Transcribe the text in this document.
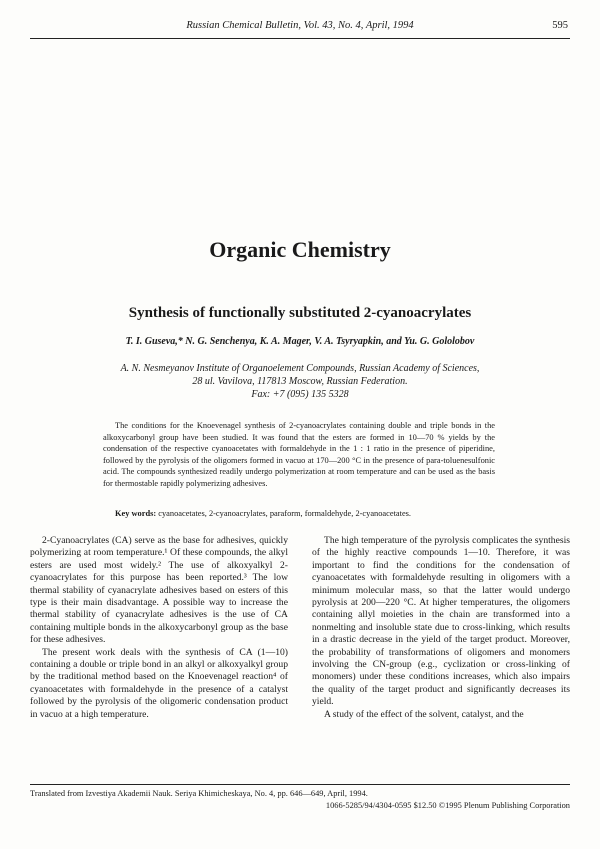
Russian Chemical Bulletin, Vol. 43, No. 4, April, 1994	595
Organic Chemistry
Synthesis of functionally substituted 2-cyanoacrylates
T. I. Guseva,* N. G. Senchenya, K. A. Mager, V. A. Tsyryapkin, and Yu. G. Gololobov
A. N. Nesmeyanov Institute of Organoelement Compounds, Russian Academy of Sciences,
28 ul. Vavilova, 117813 Moscow, Russian Federation.
Fax: +7 (095) 135 5328

The conditions for the Knoevenagel synthesis of 2-cyanoacrylates containing double and triple bonds in the alkoxycarbonyl group have been studied. It was found that the esters are formed in 10—70 % yields by the condensation of the respective cyanoacetates with formaldehyde in the 1 : 1 ratio in the presence of piperidine, followed by the pyrolysis of the oligomers formed in vacuo at 170—200 °C in the presence of para-toluenesulfonic acid. The compounds synthesized readily undergo polymerization at room temperature and can be used as the basis for thermostable rapidly polymerizing adhesives.

Key words: cyanoacetates, 2-cyanoacrylates, paraform, formaldehyde, 2-cyanoacetates.

2-Cyanoacrylates (CA) serve as the base for adhesives, quickly polymerizing at room temperature.¹ Of these compounds, the alkyl esters are used most widely.² The use of alkoxyalkyl 2-cyanoacrylates for this purpose has been reported.³ The low thermal stability of cyanacrylate adhesives based on esters of this type is their main disadvantage. A possible way to increase the thermal stability of cyanacrylate adhesives is the use of CA containing multiple bonds in the alkoxycarbonyl group as the base for these adhesives.

The present work deals with the synthesis of CA (1—10) containing a double or triple bond in an alkyl or alkoxyalkyl group by the traditional method based on the Knoevenagel reaction⁴ of cyanoacetates with formaldehyde in the presence of a catalyst followed by the pyrolysis of the oligomeric condensation product in vacuo at a high temperature.

The high temperature of the pyrolysis complicates the synthesis of the highly reactive compounds 1—10. Therefore, it was important to find the conditions for the condensation of cyanoacetates with formaldehyde resulting in oligomers with a minimum molecular mass, so that the latter would undergo pyrolysis at 200—220 °C. At higher temperatures, the oligomers containing allyl moieties in the chain are transformed into a nonmelting and insoluble state due to cross-linking, which results in a drastic decrease in the yield of the target product. Moreover, the probability of transformations of oligomers and monomers involving the CN-group (e.g., cyclization or cross-linking of monomers) under these conditions increases, which also impairs the quality of the target product and significantly decreases its yield.

A study of the effect of the solvent, catalyst, and the

Translated from Izvestiya Akademii Nauk. Seriya Khimicheskaya, No. 4, pp. 646—649, April, 1994.
1066-5285/94/4304-0595 $12.50 ©1995 Plenum Publishing Corporation
